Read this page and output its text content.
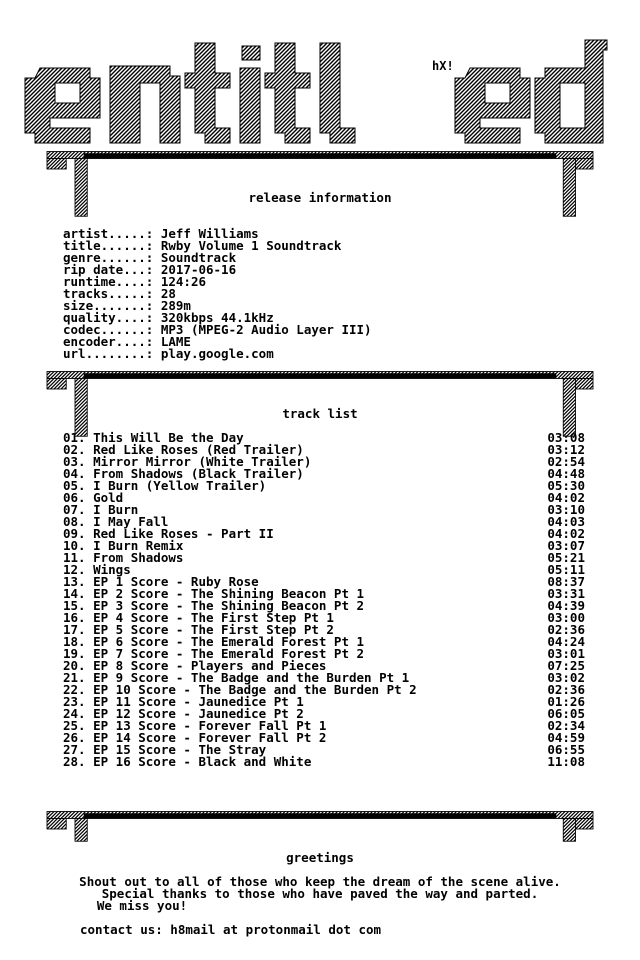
hX!
release information
artist.....: Jeff Williams
title......: Rwby Volume 1 Soundtrack
genre......: Soundtrack
rip date...: 2017-06-16
runtime....: 124:26
tracks.....: 28
size.......: 289m
quality....: 320kbps 44.1kHz
codec......: MP3 (MPEG-2 Audio Layer III)
encoder....: LAME
url........: play.google.com
track list
01. This Will Be the Day	03:08
02. Red Like Roses (Red Trailer)	03:12
03. Mirror Mirror (White Trailer)	02:54
04. From Shadows (Black Trailer)	04:48
05. I Burn (Yellow Trailer)	05:30
06. Gold	04:02
07. I Burn	03:10
08. I May Fall	04:03
09. Red Like Roses - Part II	04:02
10. I Burn Remix	03:07
11. From Shadows	05:21
12. Wings	05:11
13. EP 1 Score - Ruby Rose	08:37
14. EP 2 Score - The Shining Beacon Pt 1	03:31
15. EP 3 Score - The Shining Beacon Pt 2	04:39
16. EP 4 Score - The First Step Pt 1	03:00
17. EP 5 Score - The First Step Pt 2	02:36
18. EP 6 Score - The Emerald Forest Pt 1	04:24
19. EP 7 Score - The Emerald Forest Pt 2	03:01
20. EP 8 Score - Players and Pieces	07:25
21. EP 9 Score - The Badge and the Burden Pt 1	03:02
22. EP 10 Score - The Badge and the Burden Pt 2	02:36
23. EP 11 Score - Jaunedice Pt 1	01:26
24. EP 12 Score - Jaunedice Pt 2	06:05
25. EP 13 Score - Forever Fall Pt 1	02:34
26. EP 14 Score - Forever Fall Pt 2	04:59
27. EP 15 Score - The Stray	06:55
28. EP 16 Score - Black and White	11:08
greetings
Shout out to all of those who keep the dream of the scene alive.
Special thanks to those who have paved the way and parted.
We miss you!
contact us: h8mail at protonmail dot com
